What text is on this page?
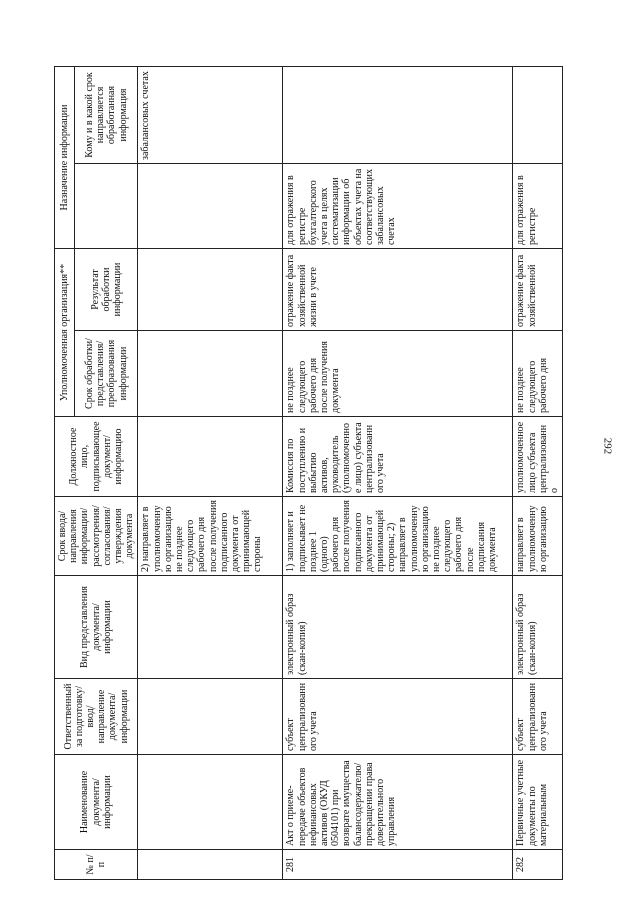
292
№ п/п	Наименование документа/информации	Ответственный за подготовку/ ввод/ направление документа/ информации	Вид представления документа/ информации	Срок ввода/ направления информации/ рассмотрения/ согласования/ утверждения документа	Должностное лицо, подписывающее документ/ информацию	Уполномоченная организация**		Назначение информации	
						Срок обработки/ представления/ преобразования информации	Результат обработки информации		Кому и в какой срок направляется обработанная информация
				2) направляет в уполномоченную организацию не позднее следующего рабочего дня после получения подписанного документа от принимающей стороны					забалансовых счетах
281	Акт о приеме-передаче объектов нефинансовых активов (ОКУД 0504101) при возврате имущества балансодержателю/прекращении права доверительного управления	субъект централизованного учета	электронный образ (скан-копия)	1) заполняет и подписывает не позднее 1 (одного) рабочего дня после получения подписанного документа от принимающей стороны; 2) направляет в уполномоченную организацию не позднее следующего рабочего дня после подписания документа	Комиссия по поступлению и выбытию активов, руководитель (уполномоченное лицо) субъекта централизованного учета	не позднее следующего рабочего дня после получения документа	отражение факта хозяйственной жизни в учете	для отражения в регистре бухгалтерского учета в целях систематизации информации об объектах учета на соответствующих забалансовых счетах	
282	Первичные учетные документы по материальным	субъект централизованного учета	электронный образ (скан-копия)	направляет в уполномоченную организацию	уполномоченное лицо субъекта централизованно	не позднее следующего рабочего дня	отражение факта хозяйственной	для отражения в регистре	
